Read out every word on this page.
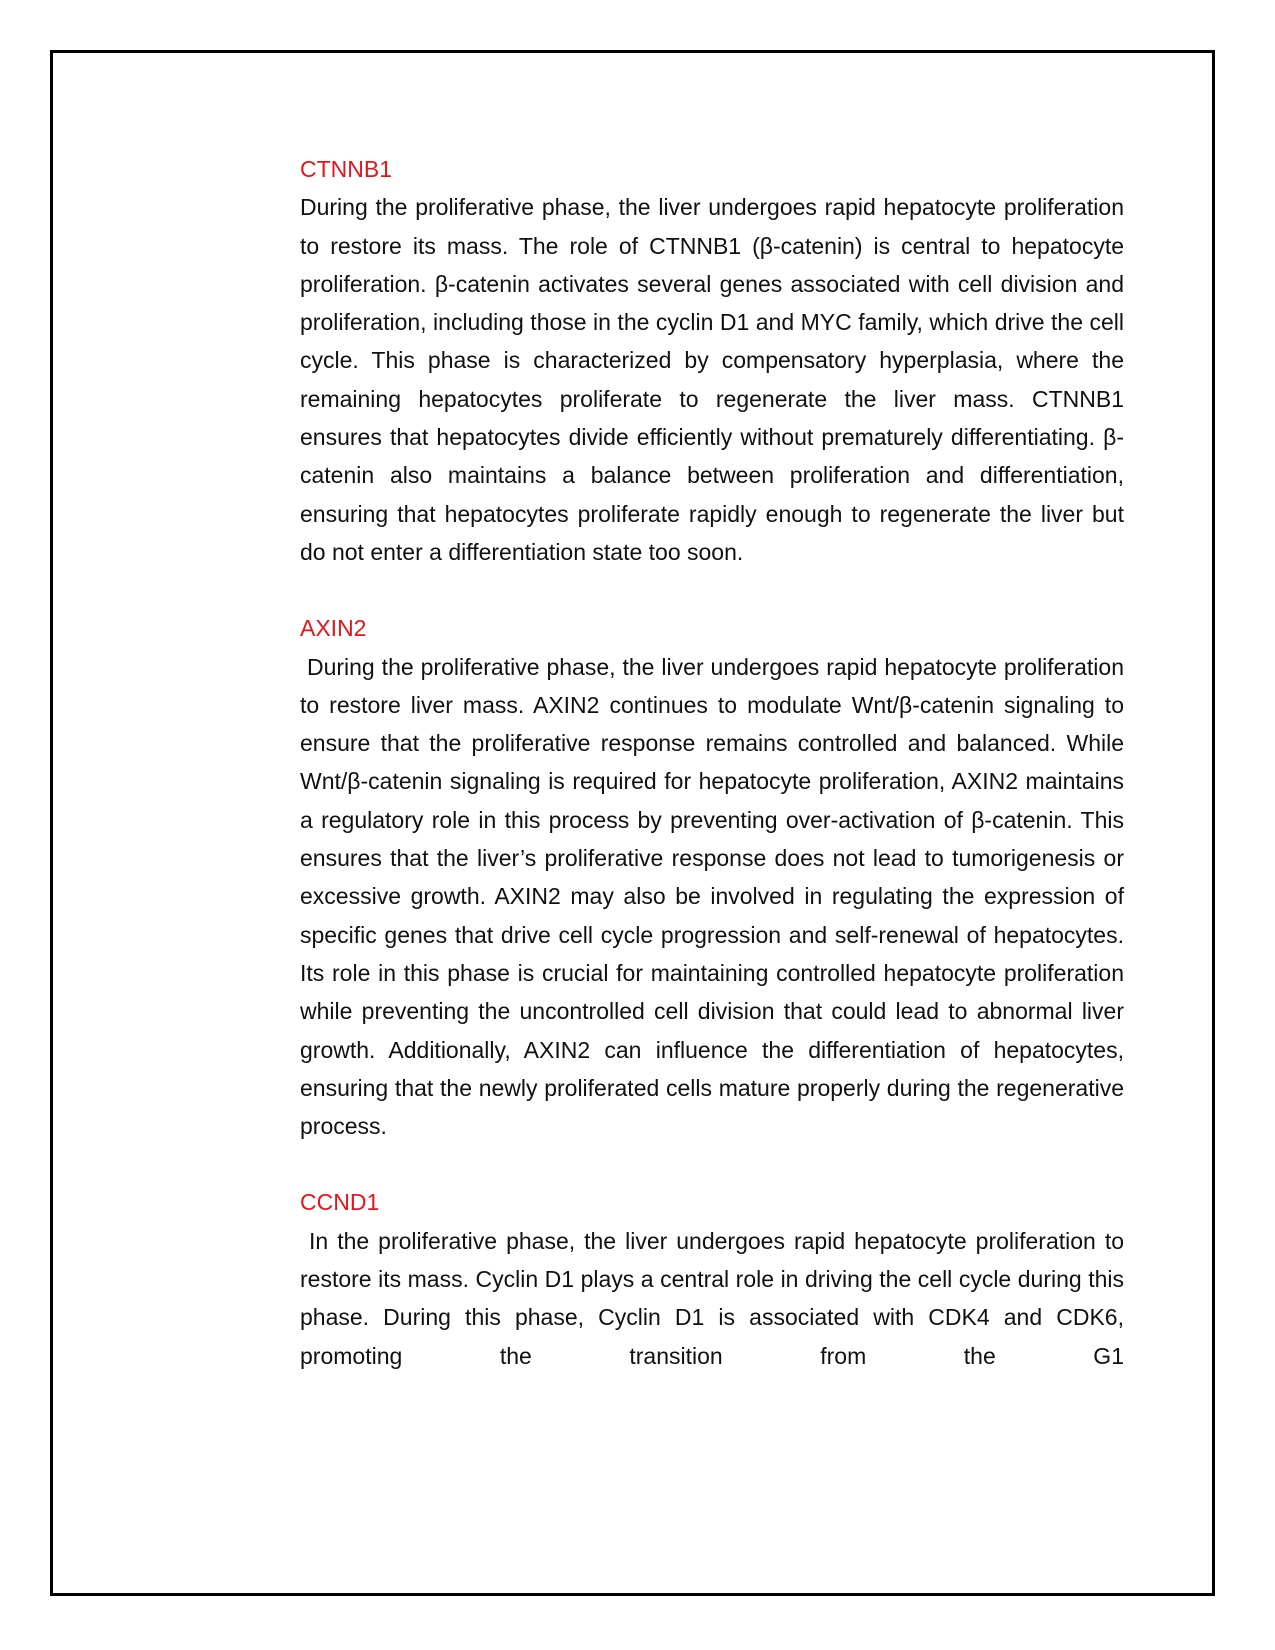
CTNNB1

During the proliferative phase, the liver undergoes rapid hepatocyte proliferation to restore its mass. The role of CTNNB1 (β-catenin) is central to hepatocyte proliferation. β-catenin activates several genes associated with cell division and proliferation, including those in the cyclin D1 and MYC family, which drive the cell cycle. This phase is characterized by compensatory hyperplasia, where the remaining hepatocytes proliferate to regenerate the liver mass. CTNNB1 ensures that hepatocytes divide efficiently without prematurely differentiating. β-catenin also maintains a balance between proliferation and differentiation, ensuring that hepatocytes proliferate rapidly enough to regenerate the liver but do not enter a differentiation state too soon.

AXIN2

During the proliferative phase, the liver undergoes rapid hepatocyte proliferation to restore liver mass. AXIN2 continues to modulate Wnt/β-catenin signaling to ensure that the proliferative response remains controlled and balanced. While Wnt/β-catenin signaling is required for hepatocyte proliferation, AXIN2 maintains a regulatory role in this process by preventing over-activation of β-catenin. This ensures that the liver’s proliferative response does not lead to tumorigenesis or excessive growth. AXIN2 may also be involved in regulating the expression of specific genes that drive cell cycle progression and self-renewal of hepatocytes. Its role in this phase is crucial for maintaining controlled hepatocyte proliferation while preventing the uncontrolled cell division that could lead to abnormal liver growth. Additionally, AXIN2 can influence the differentiation of hepatocytes, ensuring that the newly proliferated cells mature properly during the regenerative process.

CCND1

In the proliferative phase, the liver undergoes rapid hepatocyte proliferation to restore its mass. Cyclin D1 plays a central role in driving the cell cycle during this phase. During this phase, Cyclin D1 is associated with CDK4 and CDK6, promoting the transition from the G1
